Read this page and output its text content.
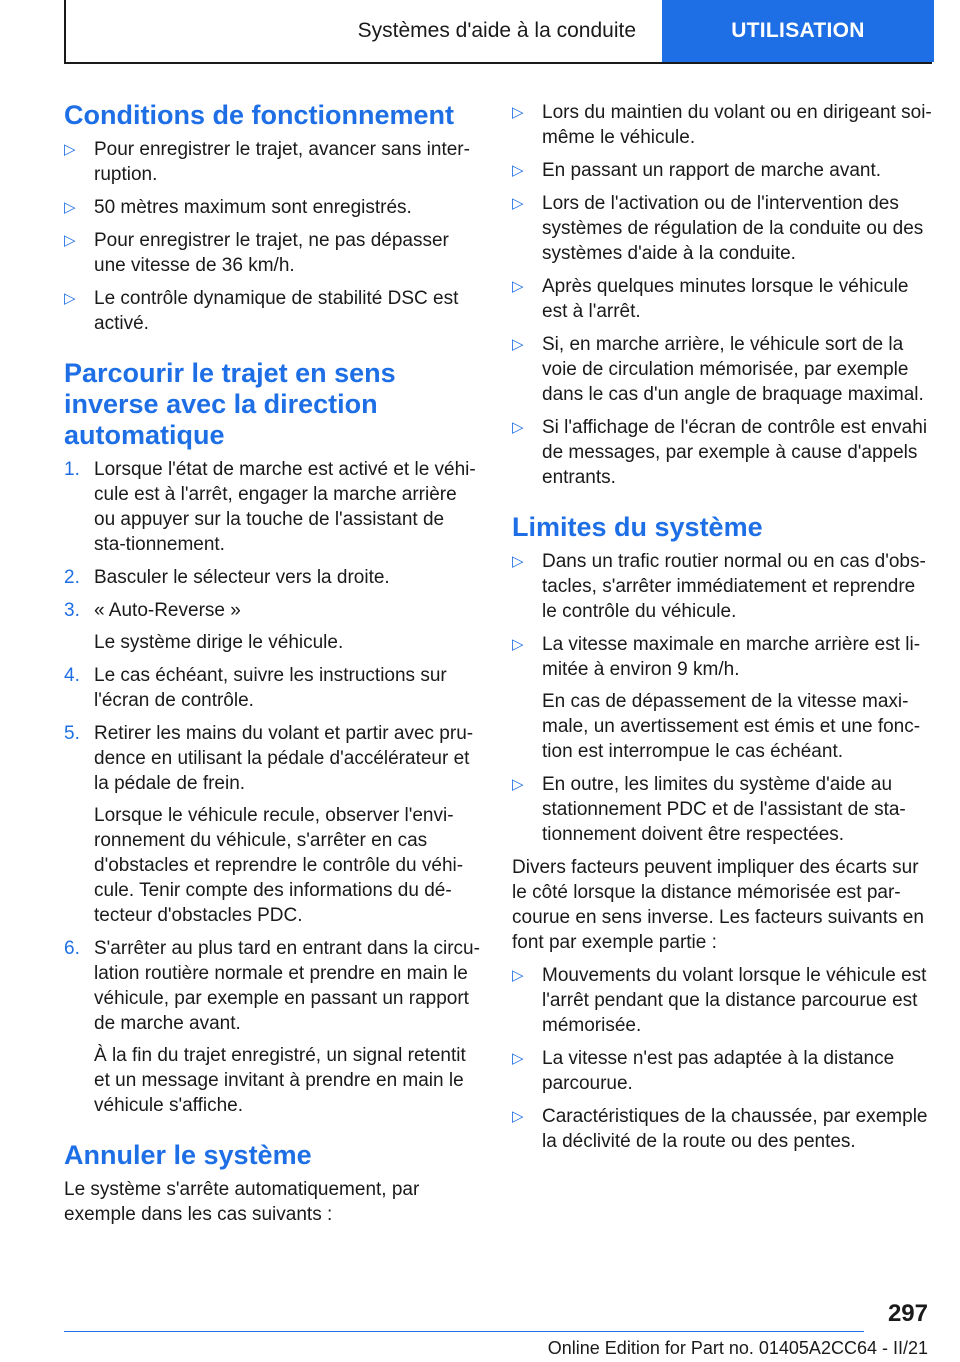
Systèmes d'aide à la conduite	UTILISATION
Conditions de fonctionnement
▷ Pour enregistrer le trajet, avancer sans inter-ruption.
▷ 50 mètres maximum sont enregistrés.
▷ Pour enregistrer le trajet, ne pas dépasser une vitesse de 36 km/h.
▷ Le contrôle dynamique de stabilité DSC est activé.
Parcourir le trajet en sens inverse avec la direction automatique
1. Lorsque l'état de marche est activé et le véhi-cule est à l'arrêt, engager la marche arrière ou appuyer sur la touche de l'assistant de sta-tionnement.
2. Basculer le sélecteur vers la droite.
3. « Auto-Reverse »
Le système dirige le véhicule.
4. Le cas échéant, suivre les instructions sur l'écran de contrôle.
5. Retirer les mains du volant et partir avec pru-dence en utilisant la pédale d'accélérateur et la pédale de frein.
Lorsque le véhicule recule, observer l'envi-ronnement du véhicule, s'arrêter en cas d'obstacles et reprendre le contrôle du véhi-cule. Tenir compte des informations du dé-tecteur d'obstacles PDC.
6. S'arrêter au plus tard en entrant dans la circu-lation routière normale et prendre en main le véhicule, par exemple en passant un rapport de marche avant.
À la fin du trajet enregistré, un signal retentit et un message invitant à prendre en main le véhicule s'affiche.
Annuler le système

Le système s'arrête automatiquement, par exemple dans les cas suivants :

▷ Lors du maintien du volant ou en dirigeant soi-même le véhicule.
▷ En passant un rapport de marche avant.
▷ Lors de l'activation ou de l'intervention des systèmes de régulation de la conduite ou des systèmes d'aide à la conduite.
▷ Après quelques minutes lorsque le véhicule est à l'arrêt.
▷ Si, en marche arrière, le véhicule sort de la voie de circulation mémorisée, par exemple dans le cas d'un angle de braquage maximal.
▷ Si l'affichage de l'écran de contrôle est envahi de messages, par exemple à cause d'appels entrants.
Limites du système
▷ Dans un trafic routier normal ou en cas d'obs-tacles, s'arrêter immédiatement et reprendre le contrôle du véhicule.
▷ La vitesse maximale en marche arrière est li-mitée à environ 9 km/h.
En cas de dépassement de la vitesse maxi-male, un avertissement est émis et une fonc-tion est interrompue le cas échéant.
▷ En outre, les limites du système d'aide au stationnement PDC et de l'assistant de sta-tionnement doivent être respectées.

Divers facteurs peuvent impliquer des écarts sur le côté lorsque la distance mémorisée est par-courue en sens inverse. Les facteurs suivants en font par exemple partie :

▷ Mouvements du volant lorsque le véhicule est l'arrêt pendant que la distance parcourue est mémorisée.
▷ La vitesse n'est pas adaptée à la distance parcourue.
▷ Caractéristiques de la chaussée, par exemple la déclivité de la route ou des pentes.
297
Online Edition for Part no. 01405A2CC64 - II/21
